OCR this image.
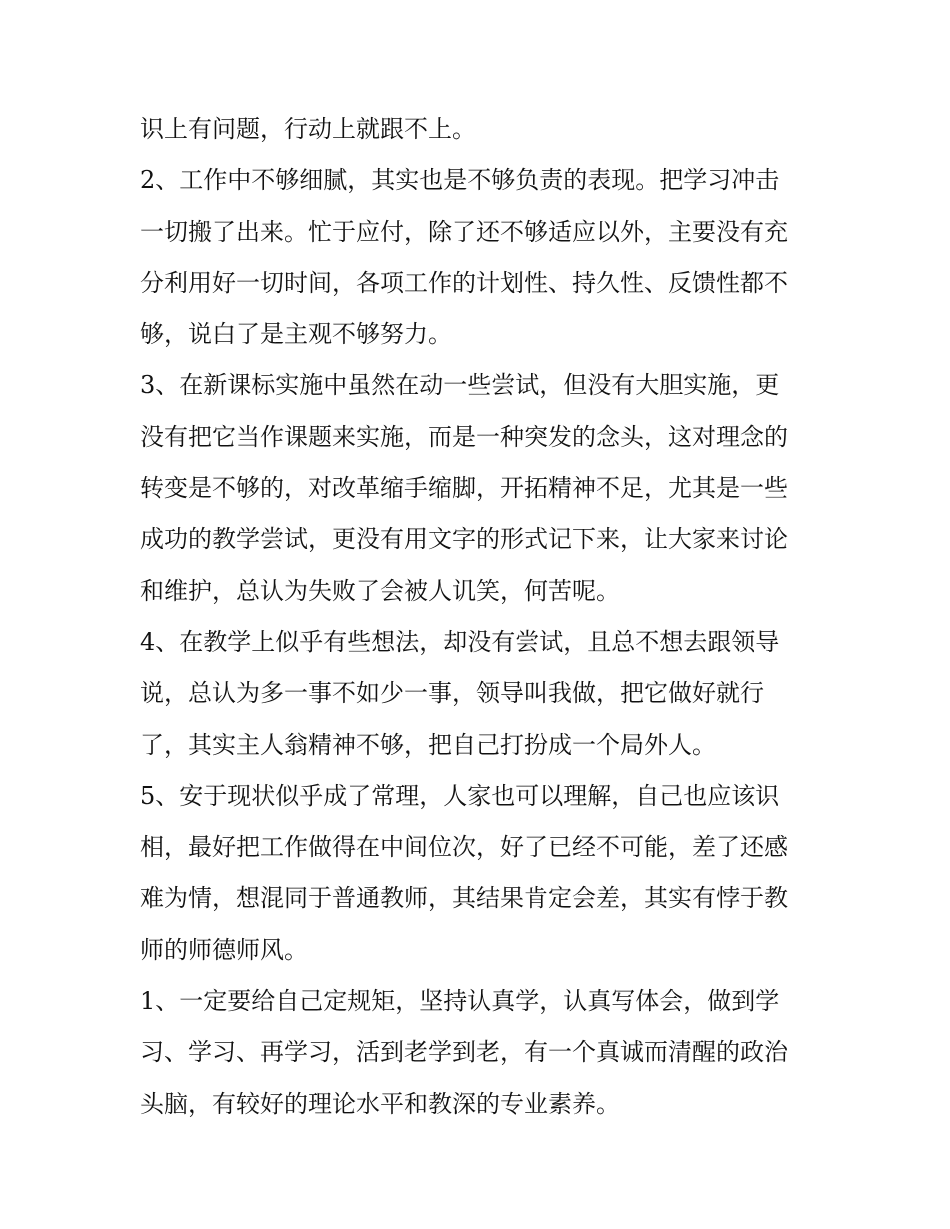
识上有问题，行动上就跟不上。
2、工作中不够细腻，其实也是不够负责的表现。把学习冲击
一切搬了出来。忙于应付，除了还不够适应以外，主要没有充
分利用好一切时间，各项工作的计划性、持久性、反馈性都不
够，说白了是主观不够努力。
3、在新课标实施中虽然在动一些尝试，但没有大胆实施，更
没有把它当作课题来实施，而是一种突发的念头，这对理念的
转变是不够的，对改革缩手缩脚，开拓精神不足，尤其是一些
成功的教学尝试，更没有用文字的形式记下来，让大家来讨论
和维护，总认为失败了会被人讥笑，何苦呢。
4、在教学上似乎有些想法，却没有尝试，且总不想去跟领导
说，总认为多一事不如少一事，领导叫我做，把它做好就行
了，其实主人翁精神不够，把自己打扮成一个局外人。
5、安于现状似乎成了常理，人家也可以理解，自己也应该识
相，最好把工作做得在中间位次，好了已经不可能，差了还感
难为情，想混同于普通教师，其结果肯定会差，其实有悖于教
师的师德师风。
1、一定要给自己定规矩，坚持认真学，认真写体会，做到学
习、学习、再学习，活到老学到老，有一个真诚而清醒的政治
头脑，有较好的理论水平和教深的专业素养。
